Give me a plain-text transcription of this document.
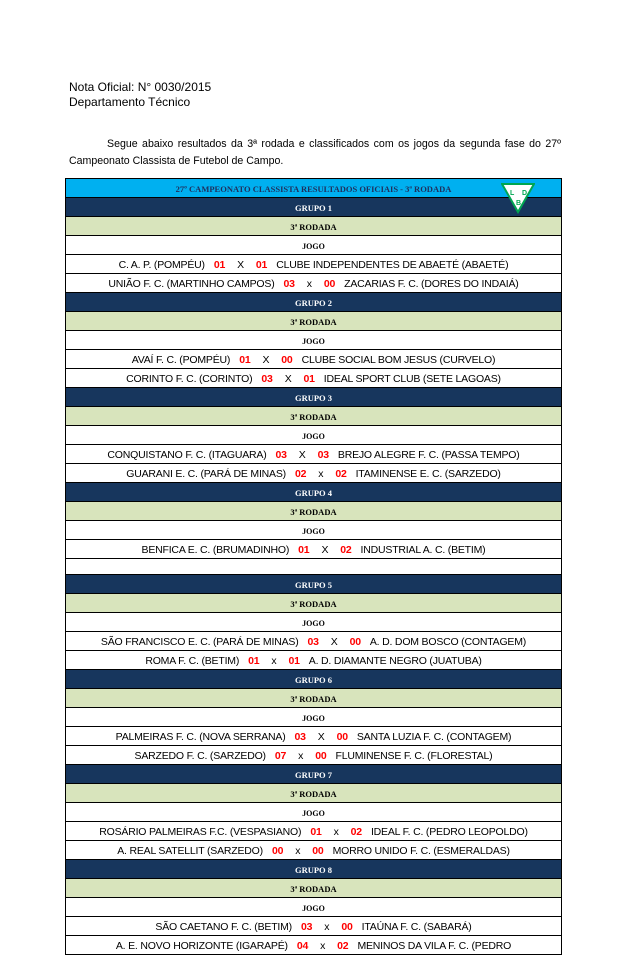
Nota Oficial: N° 0030/2015
Departamento Técnico
Segue abaixo resultados da 3ª rodada e classificados com os jogos da segunda fase do 27º Campeonato Classista de Futebol de Campo.
27º CAMPEONATO CLASSISTA RESULTADOS OFICIAIS - 3ª RODADA
GRUPO 1
3ª RODADA
JOGO
C. A. P. (POMPÉU) 01 X 01 CLUBE INDEPENDENTES DE ABAETÉ (ABAETÉ)
UNIÃO F. C. (MARTINHO CAMPOS) 03 x 00 ZACARIAS F. C. (DORES DO INDAIÁ)
GRUPO 2
3ª RODADA
JOGO
AVAÍ F. C. (POMPÉU) 01 X 00 CLUBE SOCIAL BOM JESUS (CURVELO)
CORINTO F. C. (CORINTO) 03 X 01 IDEAL SPORT CLUB (SETE LAGOAS)
GRUPO 3
3ª RODADA
JOGO
CONQUISTANO F. C. (ITAGUARA) 03 X 03 BREJO ALEGRE F. C. (PASSA TEMPO)
GUARANI E. C. (PARÁ DE MINAS) 02 x 02 ITAMINENSE E. C. (SARZEDO)
GRUPO 4
3ª RODADA
JOGO
BENFICA E. C. (BRUMADINHO) 01 X 02 INDUSTRIAL A. C. (BETIM)

GRUPO 5
3ª RODADA
JOGO
SÃO FRANCISCO E. C. (PARÁ DE MINAS) 03 X 00 A. D. DOM BOSCO (CONTAGEM)
ROMA F. C. (BETIM) 01 x 01 A. D. DIAMANTE NEGRO (JUATUBA)
GRUPO 6
3ª RODADA
JOGO
PALMEIRAS F. C. (NOVA SERRANA) 03 X 00 SANTA LUZIA F. C. (CONTAGEM)
SARZEDO F. C. (SARZEDO) 07 x 00 FLUMINENSE F. C. (FLORESTAL)
GRUPO 7
3ª RODADA
JOGO
ROSÁRIO PALMEIRAS F.C. (VESPASIANO) 01 x 02 IDEAL F. C. (PEDRO LEOPOLDO)
A. REAL SATELLIT (SARZEDO) 00 x 00 MORRO UNIDO F. C. (ESMERALDAS)
GRUPO 8
3ª RODADA
JOGO
SÃO CAETANO F. C. (BETIM) 03 x 00 ITAÚNA F. C. (SABARÁ)
A. E. NOVO HORIZONTE (IGARAPÉ) 04 x 02 MENINOS DA VILA F. C. (PEDRO
L D
B
